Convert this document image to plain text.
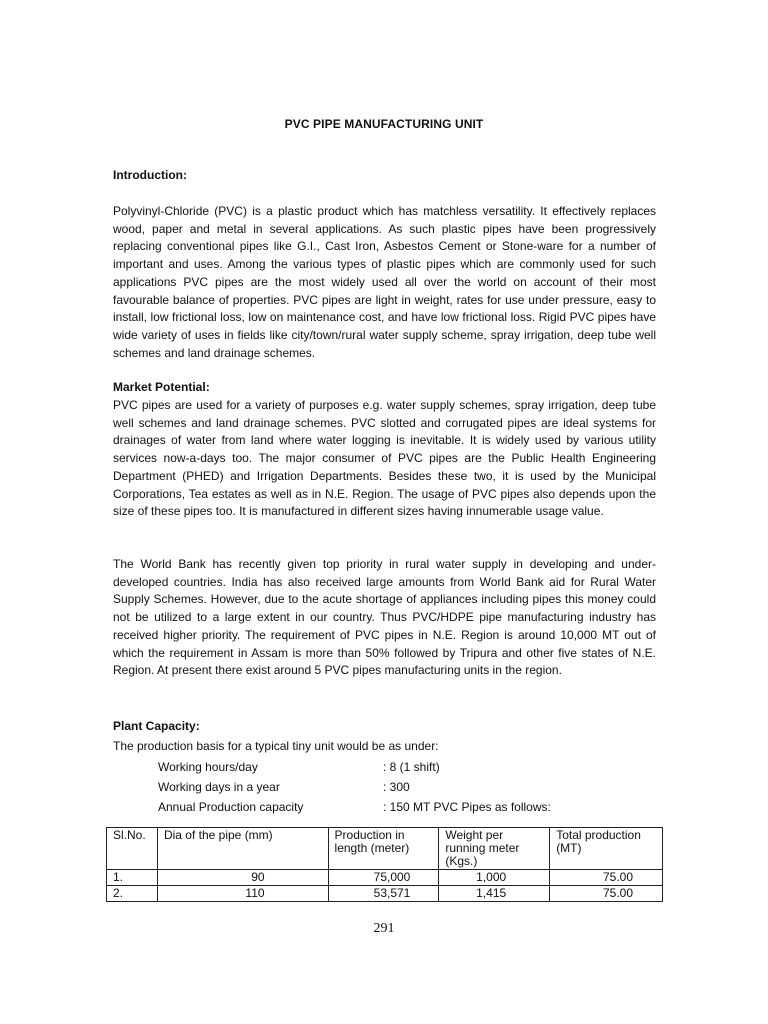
PVC PIPE MANUFACTURING UNIT
Introduction:
Polyvinyl-Chloride (PVC) is a plastic product which has matchless versatility. It effectively replaces wood, paper and metal in several applications. As such plastic pipes have been progressively replacing conventional pipes like G.I., Cast Iron, Asbestos Cement or Stone-ware for a number of important and uses. Among the various types of plastic pipes which are commonly used for such applications PVC pipes are the most widely used all over the world on account of their most favourable balance of properties. PVC pipes are light in weight, rates for use under pressure, easy to install, low frictional loss, low on maintenance cost, and have low frictional loss. Rigid PVC pipes have wide variety of uses in fields like city/town/rural water supply scheme, spray irrigation, deep tube well schemes and land drainage schemes.
Market Potential:
PVC pipes are used for a variety of purposes e.g. water supply schemes, spray irrigation, deep tube well schemes and land drainage schemes. PVC slotted and corrugated pipes are ideal systems for drainages of water from land where water logging is inevitable. It is widely used by various utility services now-a-days too. The major consumer of PVC pipes are the Public Health Engineering Department (PHED) and Irrigation Departments. Besides these two, it is used by the Municipal Corporations, Tea estates as well as in N.E. Region. The usage of PVC pipes also depends upon the size of these pipes too. It is manufactured in different sizes having innumerable usage value.
The World Bank has recently given top priority in rural water supply in developing and under-developed countries. India has also received large amounts from World Bank aid for Rural Water Supply Schemes. However, due to the acute shortage of appliances including pipes this money could not be utilized to a large extent in our country. Thus PVC/HDPE pipe manufacturing industry has received higher priority. The requirement of PVC pipes in N.E. Region is around 10,000 MT out of which the requirement in Assam is more than 50% followed by Tripura and other five states of N.E. Region. At present there exist around 5 PVC pipes manufacturing units in the region.
Plant Capacity:
The production basis for a typical tiny unit would be as under:
Working hours/day	: 8 (1 shift)
Working days in a year	: 300
Annual Production capacity	: 150 MT PVC Pipes as follows:
Sl.No.	Dia of the pipe (mm)	Production in length (meter)	Weight per running meter (Kgs.)	Total production (MT)
1.	90	75,000	1,000	75.00
2.	110	53,571	1,415	75.00
291
